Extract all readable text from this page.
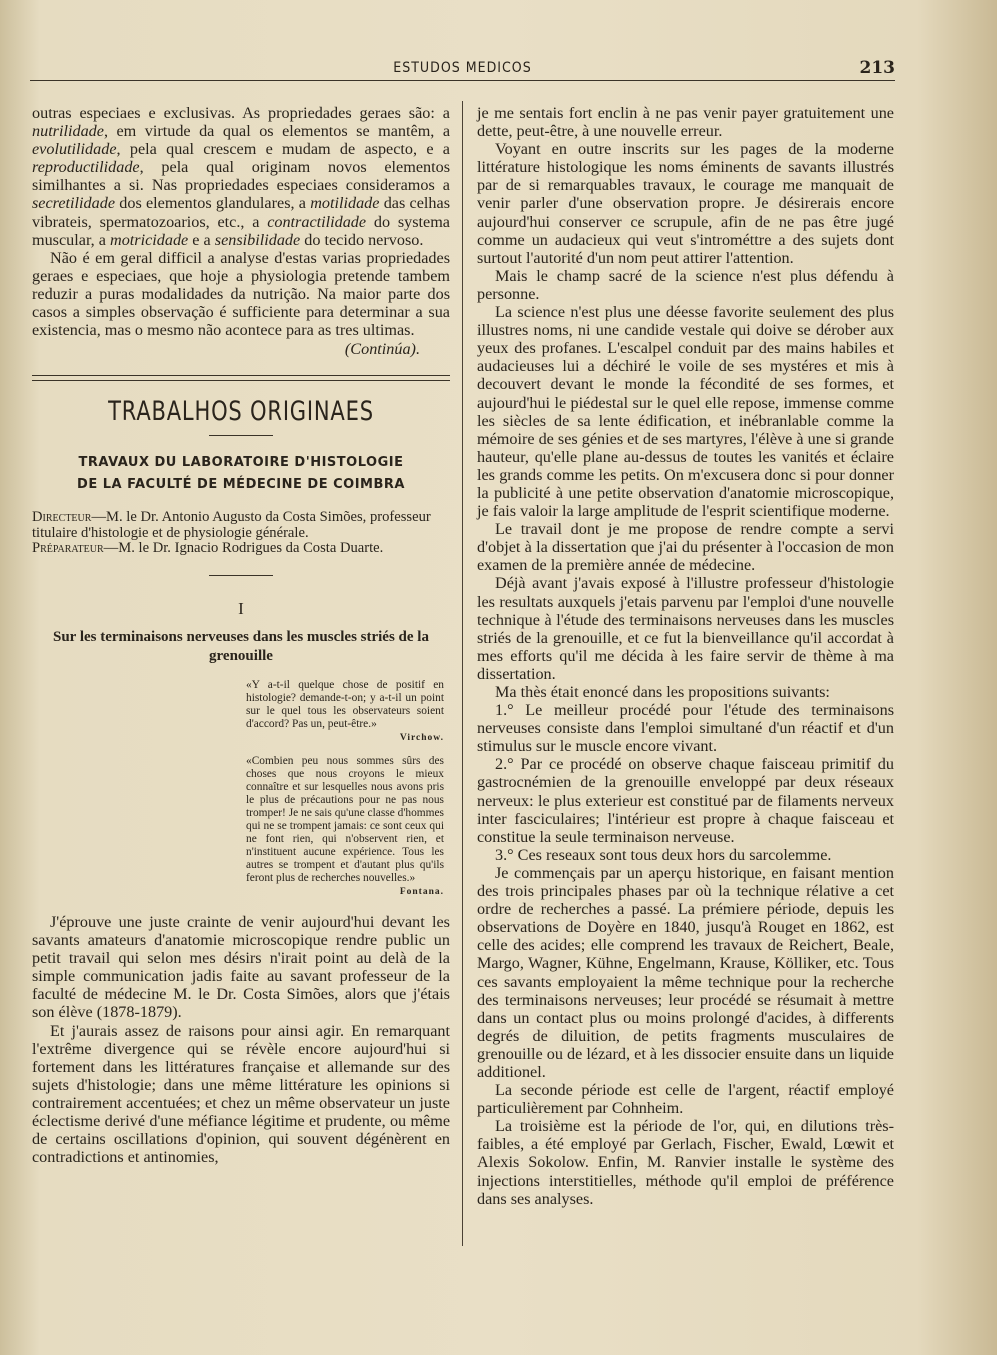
ESTUDOS MEDICOS	213

outras especiaes e exclusivas. As propriedades geraes são: a nutrilidade, em virtude da qual os elementos se mantêm, a evolutilidade, pela qual crescem e mudam de aspecto, e a reproductilidade, pela qual originam novos elementos similhantes a si. Nas propriedades especiaes consideramos a secretilidade dos elementos glandulares, a motilidade das celhas vibrateis, spermatozoarios, etc., a contractilidade do systema muscular, a motricidade e a sensibilidade do tecido nervoso.

Não é em geral difficil a analyse d'estas varias propriedades geraes e especiaes, que hoje a physiologia pretende tambem reduzir a puras modalidades da nutrição. Na maior parte dos casos a simples observação é sufficiente para determinar a sua existencia, mas o mesmo não acontece para as tres ultimas.

(Continúa).
TRABALHOS ORIGINAES
TRAVAUX DU LABORATOIRE D'HISTOLOGIE
DE LA FACULTÉ DE MÉDECINE DE COIMBRA

Directeur—M. le Dr. Antonio Augusto da Costa Simões, professeur titulaire d'histologie et de physiologie générale.

Préparateur—M. le Dr. Ignacio Rodrigues da Costa Duarte.

I
Sur les terminaisons nerveuses dans les muscles striés de la grenouille

«Y a-t-il quelque chose de positif en histologie? demande-t-on; y a-t-il un point sur le quel tous les observateurs soient d'accord? Pas un, peut-être.»

Virchow.

«Combien peu nous sommes sûrs des choses que nous croyons le mieux connaître et sur lesquelles nous avons pris le plus de précautions pour ne pas nous tromper! Je ne sais qu'une classe d'hommes qui ne se trompent jamais: ce sont ceux qui ne font rien, qui n'observent rien, et n'instituent aucune expérience. Tous les autres se trompent et d'autant plus qu'ils feront plus de recherches nouvelles.»

Fontana.

J'éprouve une juste crainte de venir aujourd'hui devant les savants amateurs d'anatomie microscopique rendre public un petit travail qui selon mes désirs n'irait point au delà de la simple communication jadis faite au savant professeur de la faculté de médecine M. le Dr. Costa Simões, alors que j'étais son élève (1878-1879).

Et j'aurais assez de raisons pour ainsi agir. En remarquant l'extrême divergence qui se révèle encore aujourd'hui si fortement dans les littératures française et allemande sur des sujets d'histologie; dans une même littérature les opinions si contrairement accentuées; et chez un même observateur un juste éclectisme derivé d'une méfiance légitime et prudente, ou même de certains oscillations d'opinion, qui souvent dégénèrent en contradictions et antinomies,

je me sentais fort enclin à ne pas venir payer gratuitement une dette, peut-être, à une nouvelle erreur.

Voyant en outre inscrits sur les pages de la moderne littérature histologique les noms éminents de savants illustrés par de si remarquables travaux, le courage me manquait de venir parler d'une observation propre. Je désirerais encore aujourd'hui conserver ce scrupule, afin de ne pas être jugé comme un audacieux qui veut s'introméttre a des sujets dont surtout l'autorité d'un nom peut attirer l'attention.

Mais le champ sacré de la science n'est plus défendu à personne.

La science n'est plus une déesse favorite seulement des plus illustres noms, ni une candide vestale qui doive se dérober aux yeux des profanes. L'escalpel conduit par des mains habiles et audacieuses lui a déchiré le voile de ses mystéres et mis à decouvert devant le monde la fécondité de ses formes, et aujourd'hui le piédestal sur le quel elle repose, immense comme les siècles de sa lente édification, et inébranlable comme la mémoire de ses génies et de ses martyres, l'élève à une si grande hauteur, qu'elle plane au-dessus de toutes les vanités et éclaire les grands comme les petits. On m'excusera donc si pour donner la publicité à une petite observation d'anatomie microscopique, je fais valoir la large amplitude de l'esprit scientifique moderne.

Le travail dont je me propose de rendre compte a servi d'objet à la dissertation que j'ai du présenter à l'occasion de mon examen de la première année de médecine.

Déjà avant j'avais exposé à l'illustre professeur d'histologie les resultats auxquels j'etais parvenu par l'emploi d'une nouvelle technique à l'étude des terminaisons nerveuses dans les muscles striés de la grenouille, et ce fut la bienveillance qu'il accordat à mes efforts qu'il me décida à les faire servir de thème à ma dissertation.

Ma thès était enoncé dans les propositions suivants:

1.° Le meilleur procédé pour l'étude des terminaisons nerveuses consiste dans l'emploi simultané d'un réactif et d'un stimulus sur le muscle encore vivant.

2.° Par ce procédé on observe chaque faisceau primitif du gastrocnémien de la grenouille enveloppé par deux réseaux nerveux: le plus exterieur est constitué par de filaments nerveux inter fasciculaires; l'intérieur est propre à chaque faisceau et constitue la seule terminaison nerveuse.

3.° Ces reseaux sont tous deux hors du sarcolemme.

Je commençais par un aperçu historique, en faisant mention des trois principales phases par où la technique rélative a cet ordre de recherches a passé. La prémiere période, depuis les observations de Doyère en 1840, jusqu'à Rouget en 1862, est celle des acides; elle comprend les travaux de Reichert, Beale, Margo, Wagner, Kühne, Engelmann, Krause, Kölliker, etc. Tous ces savants employaient la même technique pour la recherche des terminaisons nerveuses; leur procédé se résumait à mettre dans un contact plus ou moins prolongé d'acides, à differents degrés de diluition, de petits fragments musculaires de grenouille ou de lézard, et à les dissocier ensuite dans un liquide additionel.

La seconde période est celle de l'argent, réactif employé particulièrement par Cohnheim.

La troisième est la période de l'or, qui, en dilutions très-faibles, a été employé par Gerlach, Fischer, Ewald, Lœwit et Alexis Sokolow. Enfin, M. Ranvier installe le système des injections interstitielles, méthode qu'il emploi de préférence dans ses analyses.
